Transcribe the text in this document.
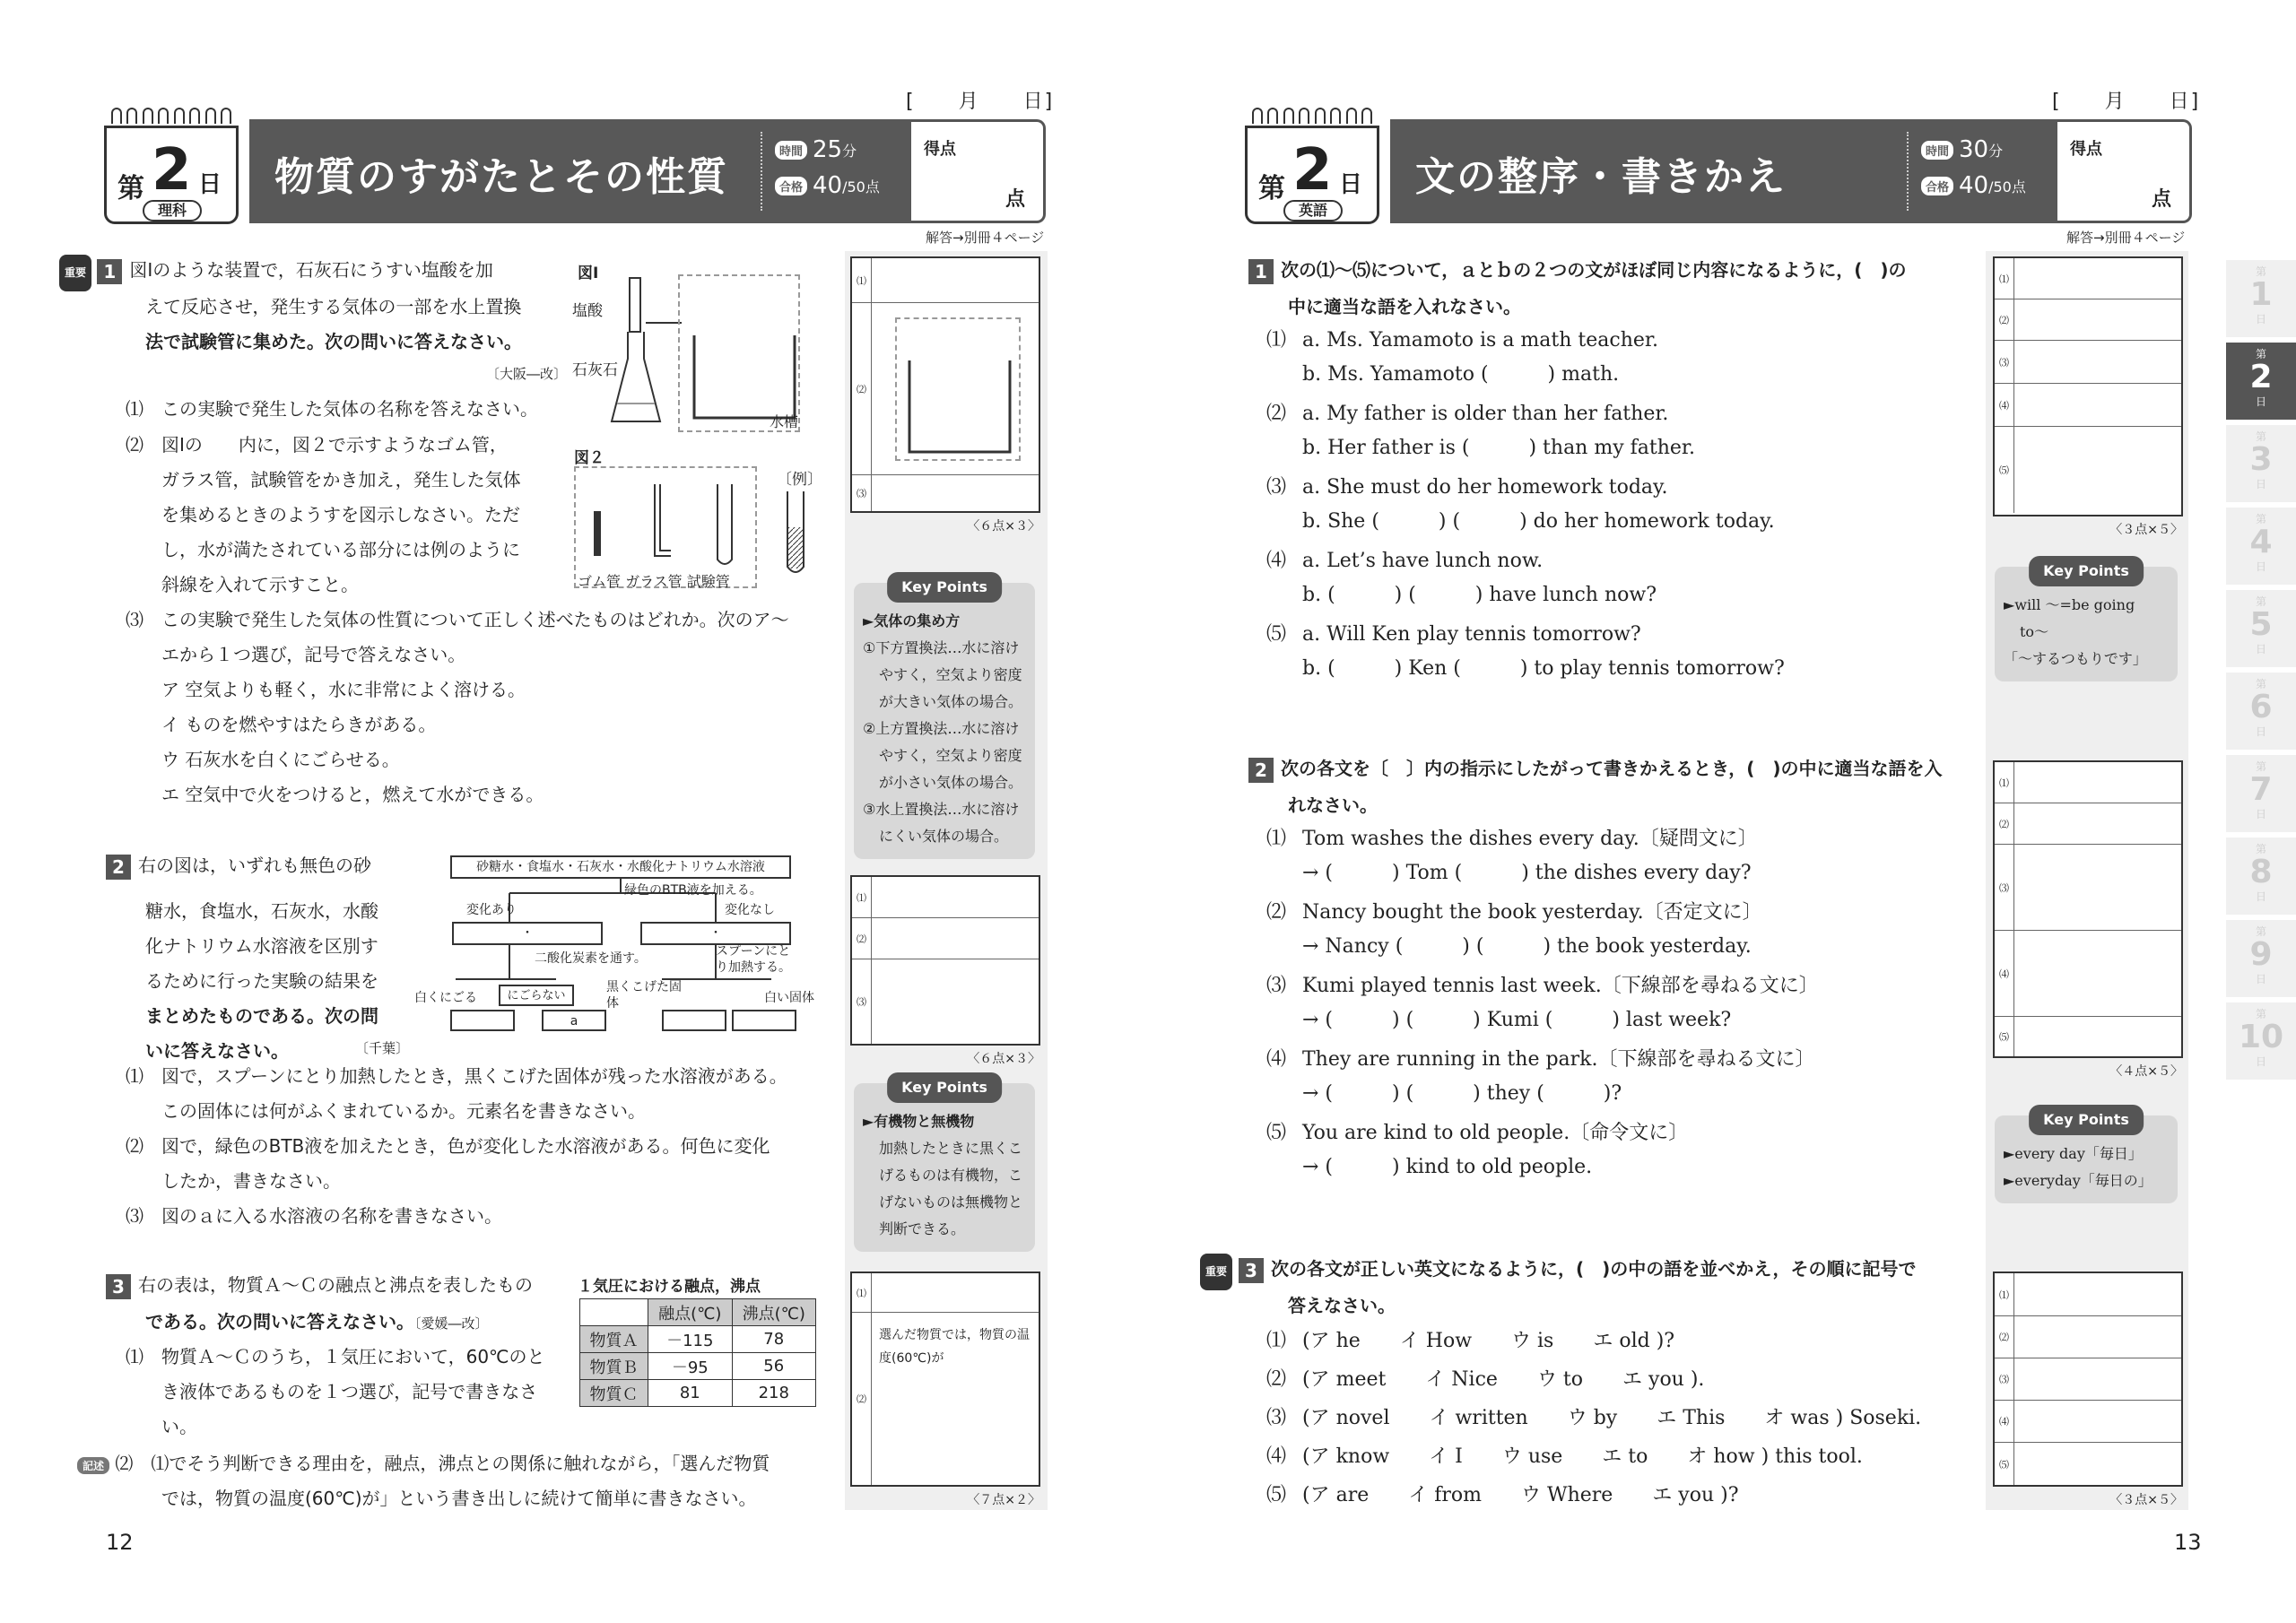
[　　月　　日]
第 2 日
理科
物質のすがたとその性質
時間 25 分
合格 40 /50点
得点
点
解答→別冊４ページ
重要 1 図Ⅰのような装置で，石灰石にうすい塩酸を加
えて反応させ，発生する気体の一部を水上置換
法で試験管に集めた。次の問いに答えなさい。
〔大阪―改〕
⑴ この実験で発生した気体の名称を答えなさい。
⑵ 図Ⅰの　　内に，図２で示すようなゴム管，
ガラス管，試験管をかき加え，発生した気体
を集めるときのようすを図示しなさい。ただ
し，水が満たされている部分には例のように
斜線を入れて示すこと。
⑶ この実験で発生した気体の性質について正しく述べたものはどれか。次のア～
エから１つ選び，記号で答えなさい。
ア 空気よりも軽く，水に非常によく溶ける。
イ ものを燃やすはたらきがある。
ウ 石灰水を白くにごらせる。
エ 空気中で火をつけると，燃えて水ができる。
図Ⅰ
塩酸
石灰石
水槽
図２
ゴム管 ガラス管 試験管
〔例〕
⑴
⑵
⑶
〈６点×３〉
Key Points
►気体の集め方
①下方置換法…水に溶け
やすく，空気より密度
が大きい気体の場合。
②上方置換法…水に溶け
やすく，空気より密度
が小さい気体の場合。
③水上置換法…水に溶け
にくい気体の場合。
2 右の図は，いずれも無色の砂
糖水，食塩水，石灰水，水酸
化ナトリウム水溶液を区別す
るために行った実験の結果を
まとめたものである。次の問
いに答えなさい。	〔千葉〕
砂糖水・食塩水・石灰水・水酸化ナトリウム水溶液
緑色のBTB液を加える。
変化あり	変化なし
・	・
二酸化炭素を通す。	スプーンにとり加熱する。
白くにごる	にごらない
黒くこげた固体	白い固体
a
⑴ 図で，スプーンにとり加熱したとき，黒くこげた固体が残った水溶液がある。
この固体には何がふくまれているか。元素名を書きなさい。
⑵ 図で，緑色のBTB液を加えたとき，色が変化した水溶液がある。何色に変化
したか，書きなさい。
⑶ 図のａに入る水溶液の名称を書きなさい。
⑴
⑵
⑶
〈６点×３〉
Key Points
►有機物と無機物
加熱したときに黒くこ
げるものは有機物，こ
げないものは無機物と
判断できる。
3 右の表は，物質Ａ～Ｃの融点と沸点を表したもの
である。次の問いに答えなさい。〔愛媛―改〕
⑴ 物質Ａ～Ｃのうち，１気圧において，60℃のと
き液体であるものを１つ選び，記号で書きなさ
い。
記述 ⑵ ⑴でそう判断できる理由を，融点，沸点との関係に触れながら，「選んだ物質
では，物質の温度(60℃)が」という書き出しに続けて簡単に書きなさい。
１気圧における融点，沸点
	融点(℃)	沸点(℃)
物質Ａ	－115	78
物質Ｂ	－95	56
物質Ｃ	81	218
⑴
⑵
選んだ物質では，物質の温度(60℃)が
〈７点×２〉
12
[　　月　　日]
第 2 日
英語
文の整序・書きかえ
時間 30 分
合格 40 /50点
得点
点
解答→別冊４ページ
1 次の⑴～⑸について，ａとｂの２つの文がほぼ同じ内容になるように，(　)の
中に適当な語を入れなさい。
⑴ a. Ms. Yamamoto is a math teacher.
b. Ms. Yamamoto (　　　) math.
⑵ a. My father is older than her father.
b. Her father is (　　　) than my father.
⑶ a. She must do her homework today.
b. She (　　　) (　　　) do her homework today.
⑷ a. Let’s have lunch now.
b. (　　　) (　　　) have lunch now?
⑸ a. Will Ken play tennis tomorrow?
b. (　　　) Ken (　　　) to play tennis tomorrow?
⑴
⑵
⑶
⑷
⑸
〈３点×５〉
Key Points
►will ～=be going
to～
「～するつもりです」
2 次の各文を〔　〕内の指示にしたがって書きかえるとき，(　)の中に適当な語を入
れなさい。
⑴ Tom washes the dishes every day.〔疑問文に〕
→ (　　　) Tom (　　　) the dishes every day?
⑵ Nancy bought the book yesterday.〔否定文に〕
→ Nancy (　　　) (　　　) the book yesterday.
⑶ Kumi played tennis last week.〔下線部を尋ねる文に〕
→ (　　　) (　　　) Kumi (　　　) last week?
⑷ They are running in the park.〔下線部を尋ねる文に〕
→ (　　　) (　　　) they (　　　)?
⑸ You are kind to old people.〔命令文に〕
→ (　　　) kind to old people.
⑴
⑵
⑶
⑷
⑸
〈４点×５〉
Key Points
►every day「毎日」
►everyday「毎日の」
重要 3 次の各文が正しい英文になるように，(　)の中の語を並べかえ，その順に記号で
答えなさい。
⑴ (ア he　　イ How　　ウ is　　エ old )?
⑵ (ア meet　　イ Nice　　ウ to　　エ you ).
⑶ (ア novel　　イ written　　ウ by　　エ This　　オ was ) Soseki.
⑷ (ア know　　イ I　　ウ use　　エ to　　オ how ) this tool.
⑸ (ア are　　イ from　　ウ Where　　エ you )?
⑴
⑵
⑶
⑷
⑸
〈３点×５〉
13
第
1
日
第
2
日
第
3
日
第
4
日
第
5
日
第
6
日
第
7
日
第
8
日
第
9
日
第
10
日
